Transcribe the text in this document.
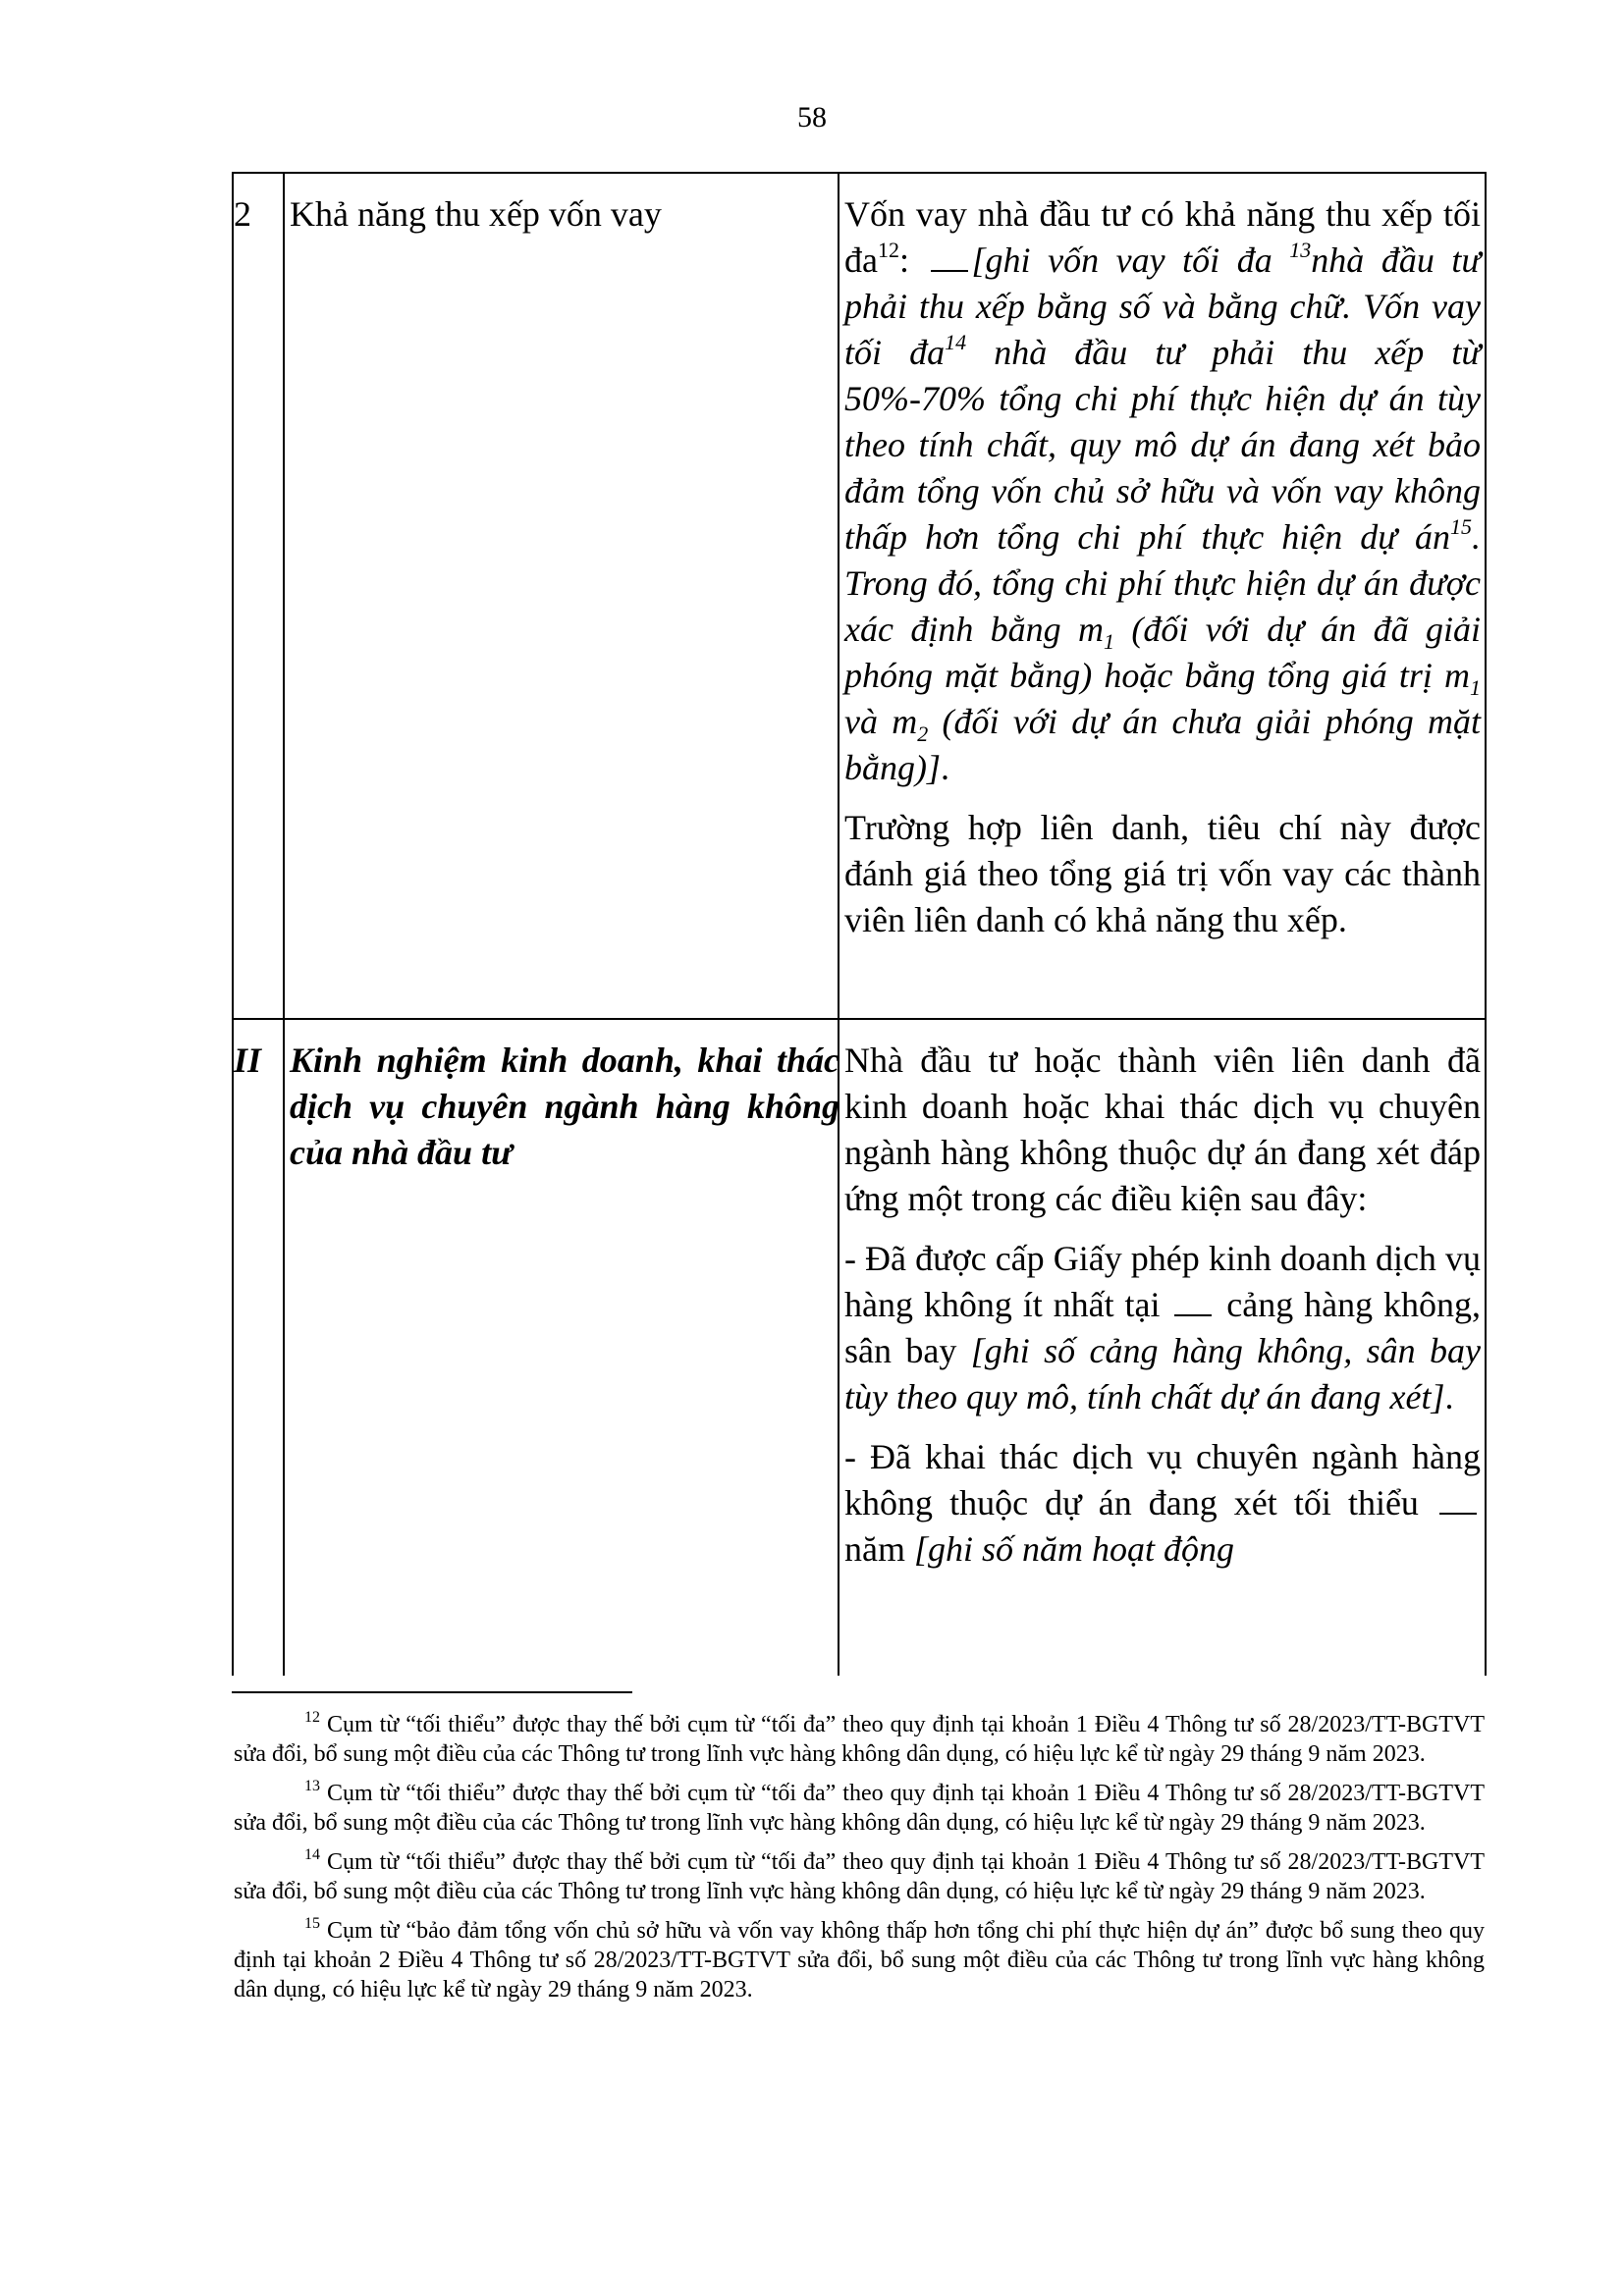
58
2	Khả năng thu xếp vốn vay	Vốn vay nhà đầu tư có khả năng thu xếp tối $đa^{12}$: [ghi vốn vay tối đa $^{13}$nhà đầu tư phải thu xếp bằng số và bằng chữ. Vốn vay tối $đa^{14}$ nhà đầu tư phải thu xếp từ 50%-70% tổng chi phí thực hiện dự án tùy theo tính chất, quy mô dự án đang xét bảo đảm tổng vốn chủ sở hữu và vốn vay không thấp hơn tổng chi phí thực hiện dự $án^{15}$. Trong đó, tổng chi phí thực hiện dự án được xác định bằng $m_1$ (đối với dự án đã giải phóng mặt bằng) hoặc bằng tổng giá trị $m_1$ và $m_2$ (đối với dự án chưa giải phóng mặt bằng)].

Trường hợp liên danh, tiêu chí này được đánh giá theo tổng giá trị vốn vay các thành viên liên danh có khả năng thu xếp.

II Kinh nghiệm kinh doanh, khai thác dịch vụ chuyên ngành hàng không của nhà đầu tư

Nhà đầu tư hoặc thành viên liên danh đã kinh doanh hoặc khai thác dịch vụ chuyên ngành hàng không thuộc dự án đang xét đáp ứng một trong các điều kiện sau đây:

- Đã được cấp Giấy phép kinh doanh dịch vụ hàng không ít nhất tại  cảng hàng không, sân bay [ghi số cảng hàng không, sân bay tùy theo quy mô, tính chất dự án đang xét].

- Đã khai thác dịch vụ chuyên ngành hàng không thuộc dự án đang xét tối thiểu  năm [ghi số năm hoạt động

$^{12}$ Cụm từ “tối thiểu” được thay thế bởi cụm từ “tối đa” theo quy định tại khoản 1 Điều 4 Thông tư số 28/2023/TT-BGTVT sửa đổi, bổ sung một điều của các Thông tư trong lĩnh vực hàng không dân dụng, có hiệu lực kể từ ngày 29 tháng 9 năm 2023.

$^{13}$ Cụm từ “tối thiểu” được thay thế bởi cụm từ “tối đa” theo quy định tại khoản 1 Điều 4 Thông tư số 28/2023/TT-BGTVT sửa đổi, bổ sung một điều của các Thông tư trong lĩnh vực hàng không dân dụng, có hiệu lực kể từ ngày 29 tháng 9 năm 2023.

$^{14}$ Cụm từ “tối thiểu” được thay thế bởi cụm từ “tối đa” theo quy định tại khoản 1 Điều 4 Thông tư số 28/2023/TT-BGTVT sửa đổi, bổ sung một điều của các Thông tư trong lĩnh vực hàng không dân dụng, có hiệu lực kể từ ngày 29 tháng 9 năm 2023.

$^{15}$ Cụm từ “bảo đảm tổng vốn chủ sở hữu và vốn vay không thấp hơn tổng chi phí thực hiện dự án” được bổ sung theo quy định tại khoản 2 Điều 4 Thông tư số 28/2023/TT-BGTVT sửa đổi, bổ sung một điều của các Thông tư trong lĩnh vực hàng không dân dụng, có hiệu lực kể từ ngày 29 tháng 9 năm 2023.
